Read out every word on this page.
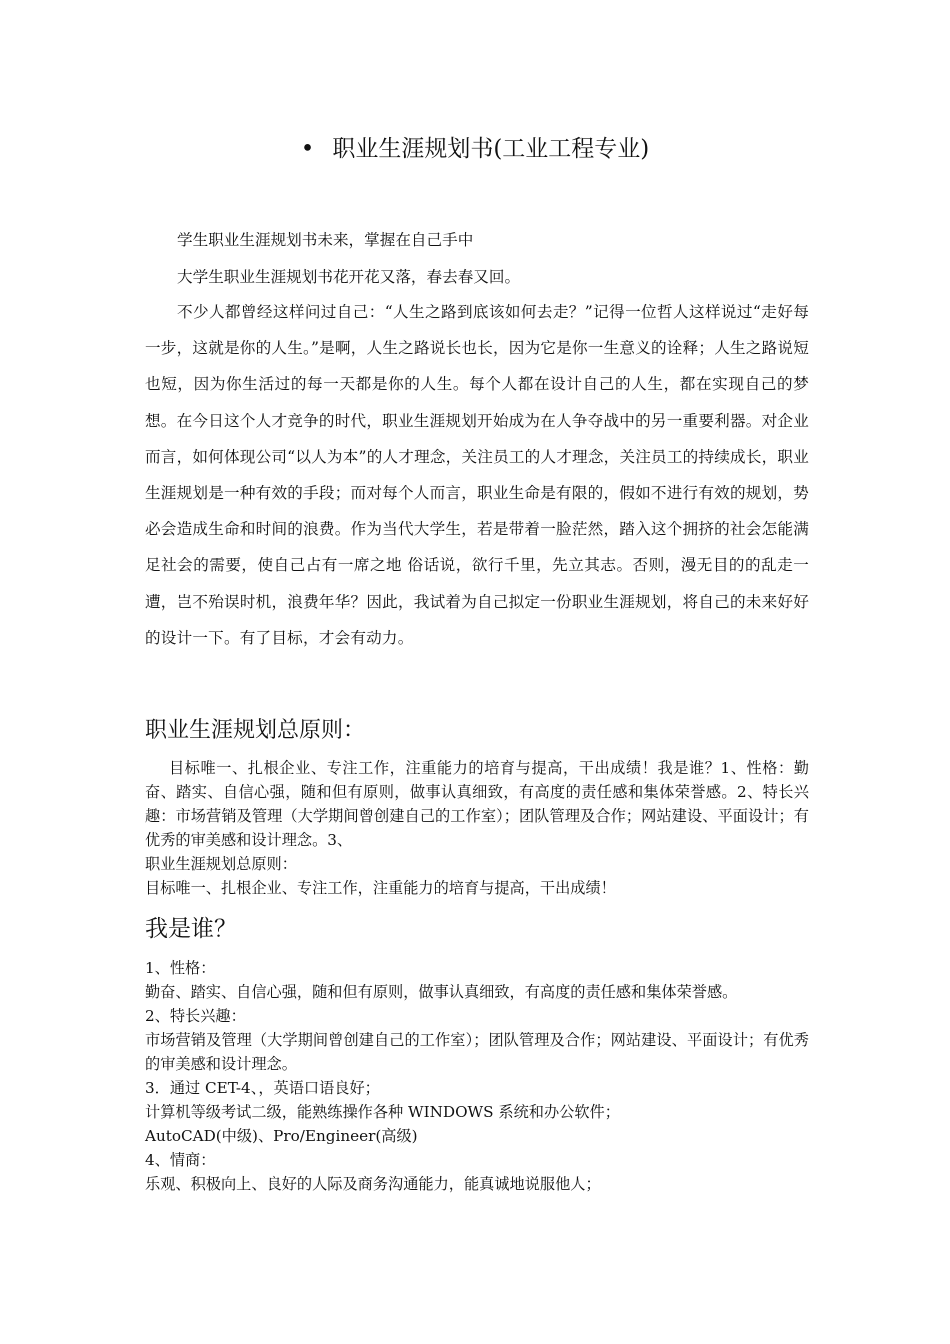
• 职业生涯规划书(工业工程专业)
学生职业生涯规划书未来，掌握在自己手中
大学生职业生涯规划书花开花又落，春去春又回。
不少人都曾经这样问过自己：“人生之路到底该如何去走？”记得一位哲人这样说过“走好每一步，这就是你的人生。”是啊，人生之路说长也长，因为它是你一生意义的诠释；人生之路说短也短，因为你生活过的每一天都是你的人生。每个人都在设计自己的人生，都在实现自己的梦想。在今日这个人才竞争的时代，职业生涯规划开始成为在人争夺战中的另一重要利器。对企业而言，如何体现公司“以人为本”的人才理念，关注员工的人才理念，关注员工的持续成长，职业生涯规划是一种有效的手段；而对每个人而言，职业生命是有限的，假如不进行有效的规划，势必会造成生命和时间的浪费。作为当代大学生，若是带着一脸茫然，踏入这个拥挤的社会怎能满足社会的需要，使自己占有一席之地 俗话说，欲行千里，先立其志。否则，漫无目的的乱走一遭，岂不殆误时机，浪费年华？因此，我试着为自己拟定一份职业生涯规划，将自己的未来好好的设计一下。有了目标，才会有动力。
职业生涯规划总原则：
目标唯一、扎根企业、专注工作，注重能力的培育与提高，干出成绩！我是谁？1、性格：勤奋、踏实、自信心强，随和但有原则，做事认真细致，有高度的责任感和集体荣誉感。2、特长兴趣：市场营销及管理（大学期间曾创建自己的工作室）；团队管理及合作；网站建设、平面设计；有优秀的审美感和设计理念。3、
职业生涯规划总原则：
目标唯一、扎根企业、专注工作，注重能力的培育与提高，干出成绩！
我是谁？
1、性格：
勤奋、踏实、自信心强，随和但有原则，做事认真细致，有高度的责任感和集体荣誉感。
2、特长兴趣：
市场营销及管理（大学期间曾创建自己的工作室）；团队管理及合作；网站建设、平面设计；有优秀的审美感和设计理念。
3．通过 CET-4、，英语口语良好；
计算机等级考试二级，能熟练操作各种 WINDOWS 系统和办公软件；
AutoCAD(中级)、Pro/Engineer(高级)
4、情商：
乐观、积极向上、良好的人际及商务沟通能力，能真诚地说服他人；
